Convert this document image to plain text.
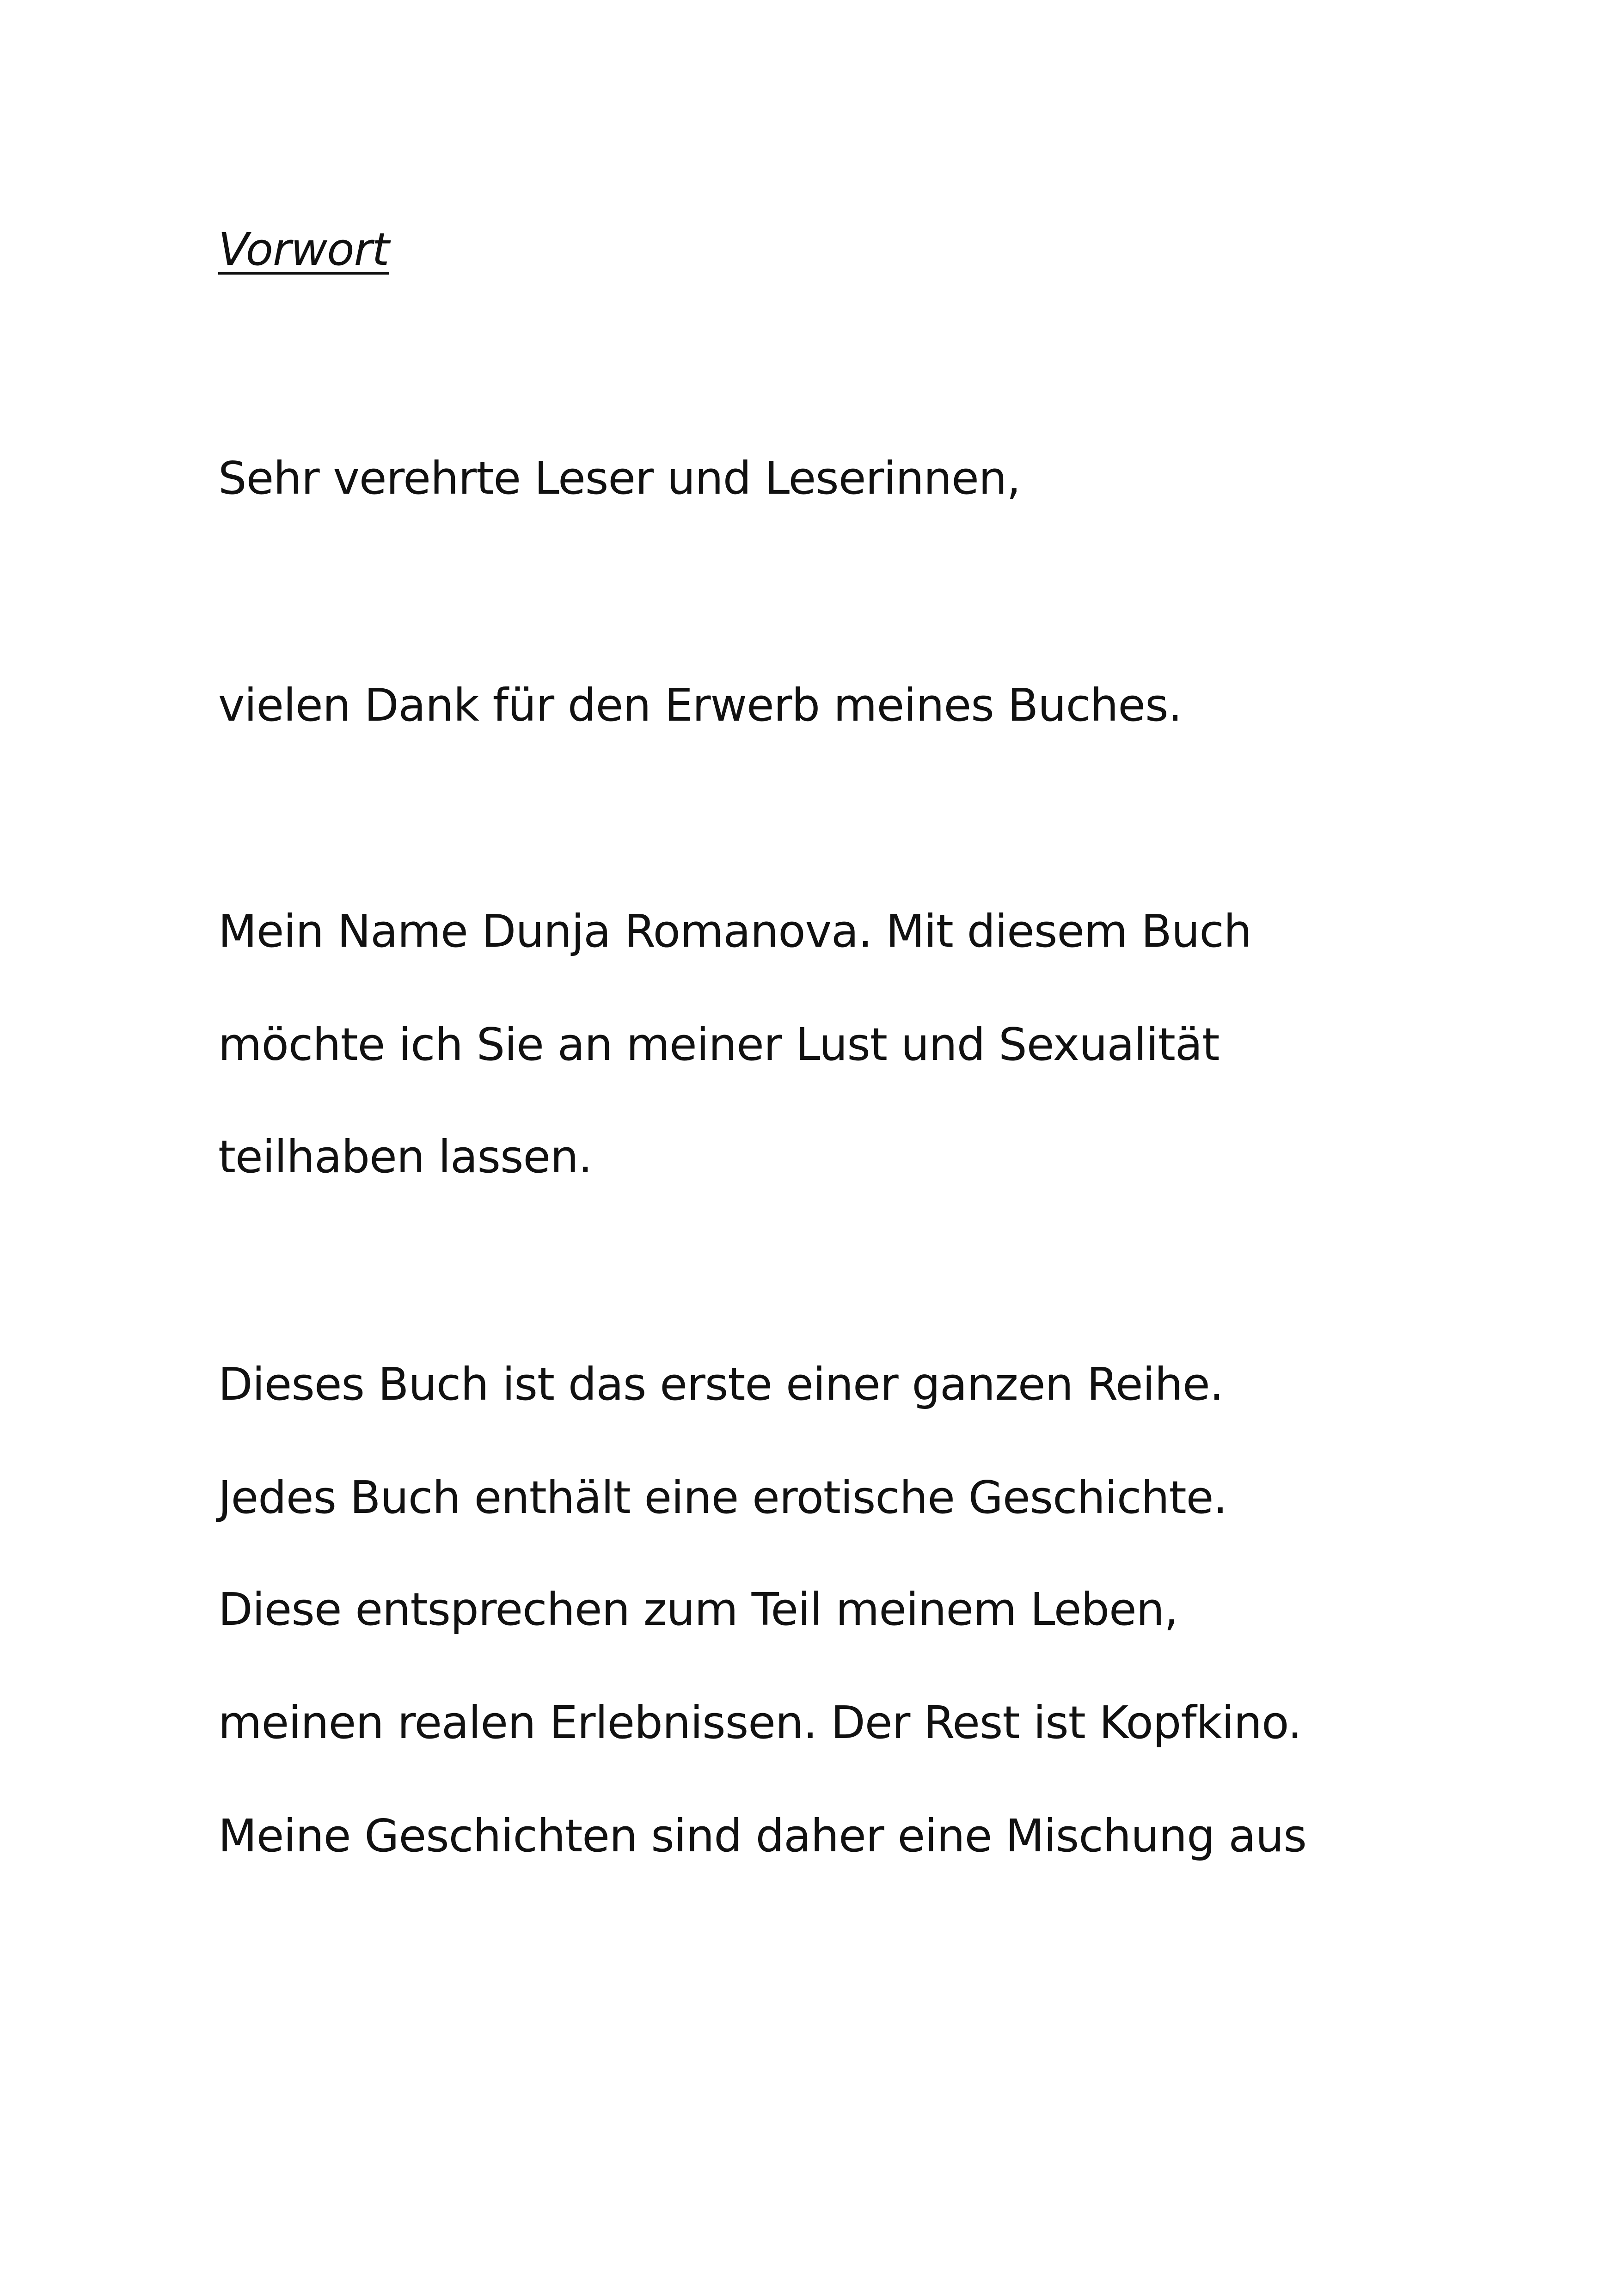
Vorwort

Sehr verehrte Leser und Leserinnen,

vielen Dank für den Erwerb meines Buches.

Mein Name Dunja Romanova. Mit diesem Buch

möchte ich Sie an meiner Lust und Sexualität

teilhaben lassen.

Dieses Buch ist das erste einer ganzen Reihe.

Jedes Buch enthält eine erotische Geschichte.

Diese entsprechen zum Teil meinem Leben,

meinen realen Erlebnissen. Der Rest ist Kopfkino.

Meine Geschichten sind daher eine Mischung aus
